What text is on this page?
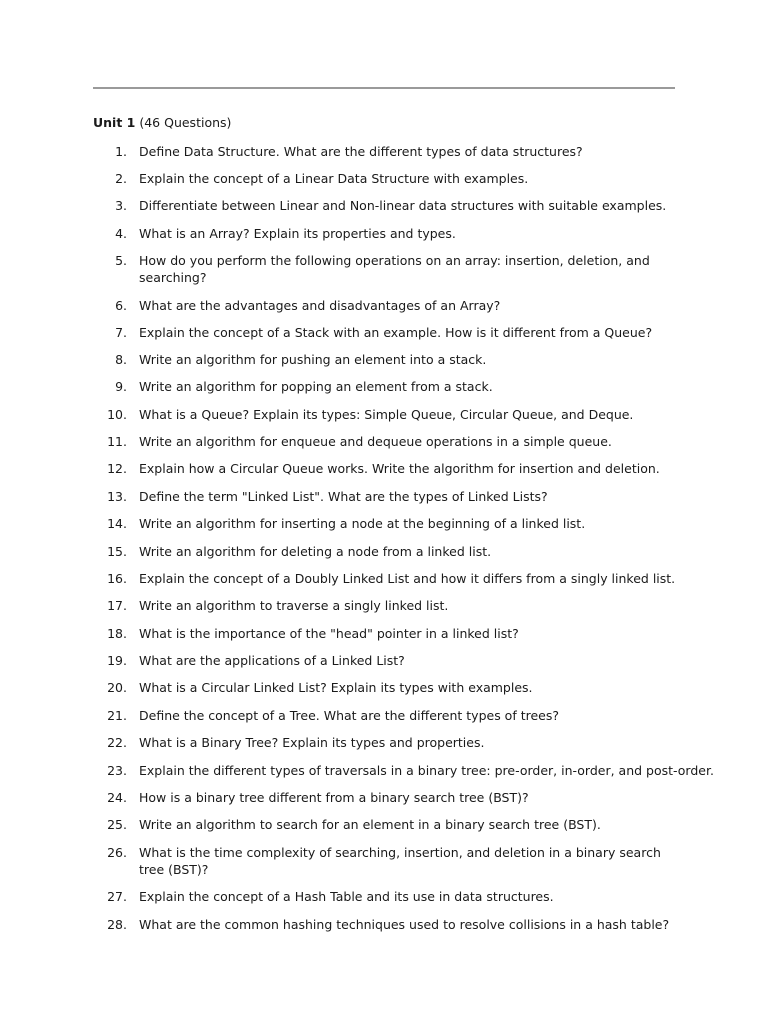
Unit 1 (46 Questions)
1. Define Data Structure. What are the different types of data structures?
2. Explain the concept of a Linear Data Structure with examples.
3. Differentiate between Linear and Non-linear data structures with suitable examples.
4. What is an Array? Explain its properties and types.
5. How do you perform the following operations on an array: insertion, deletion, and searching?
6. What are the advantages and disadvantages of an Array?
7. Explain the concept of a Stack with an example. How is it different from a Queue?
8. Write an algorithm for pushing an element into a stack.
9. Write an algorithm for popping an element from a stack.
10. What is a Queue? Explain its types: Simple Queue, Circular Queue, and Deque.
11. Write an algorithm for enqueue and dequeue operations in a simple queue.
12. Explain how a Circular Queue works. Write the algorithm for insertion and deletion.
13. Define the term "Linked List". What are the types of Linked Lists?
14. Write an algorithm for inserting a node at the beginning of a linked list.
15. Write an algorithm for deleting a node from a linked list.
16. Explain the concept of a Doubly Linked List and how it differs from a singly linked list.
17. Write an algorithm to traverse a singly linked list.
18. What is the importance of the "head" pointer in a linked list?
19. What are the applications of a Linked List?
20. What is a Circular Linked List? Explain its types with examples.
21. Define the concept of a Tree. What are the different types of trees?
22. What is a Binary Tree? Explain its types and properties.
23. Explain the different types of traversals in a binary tree: pre-order, in-order, and post-order.
24. How is a binary tree different from a binary search tree (BST)?
25. Write an algorithm to search for an element in a binary search tree (BST).
26. What is the time complexity of searching, insertion, and deletion in a binary search tree (BST)?
27. Explain the concept of a Hash Table and its use in data structures.
28. What are the common hashing techniques used to resolve collisions in a hash table?
